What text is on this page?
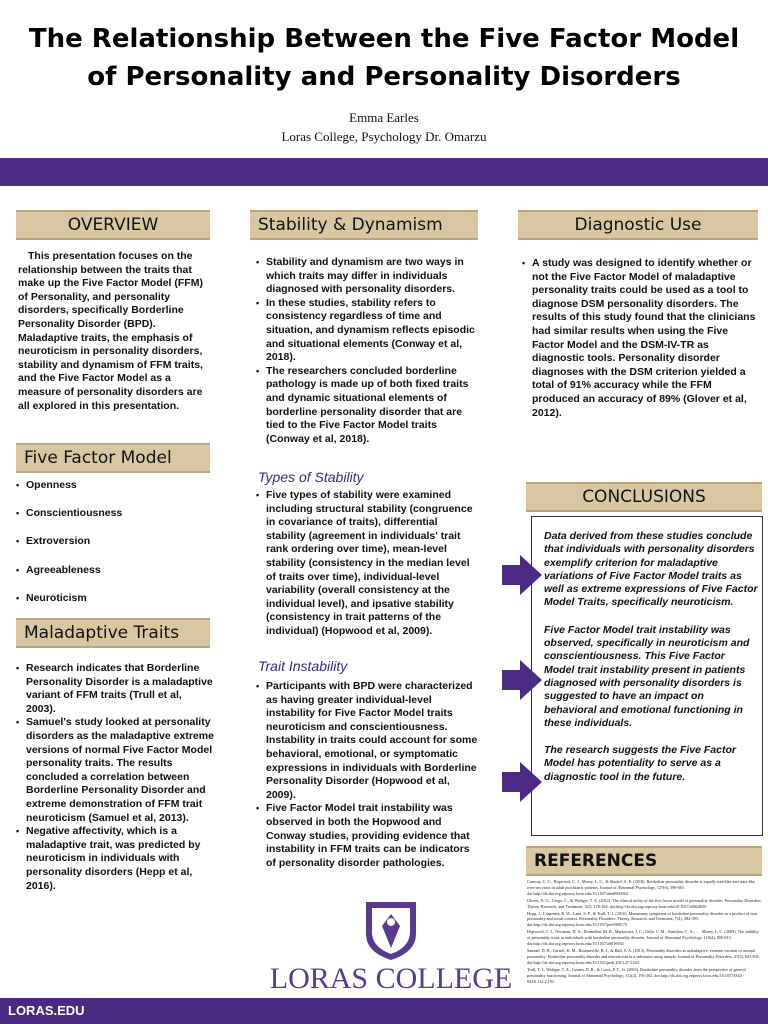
The Relationship Between the Five Factor Model of Personality and Personality Disorders
Emma Earles
Loras College, Psychology Dr. Omarzu
OVERVIEW
This presentation focuses on the relationship between the traits that make up the Five Factor Model (FFM) of Personality, and personality disorders, specifically Borderline Personality Disorder (BPD). Maladaptive traits, the emphasis of neuroticism in personality disorders, stability and dynamism of FFM traits, and the Five Factor Model as a measure of personality disorders are all explored in this presentation.
Five Factor Model
• Openness
• Conscientiousness
• Extroversion
• Agreeableness
• Neuroticism
Maladaptive Traits
• Research indicates that Borderline Personality Disorder is a maladaptive variant of FFM traits (Trull et al, 2003).
• Samuel's study looked at personality disorders as the maladaptive extreme versions of normal Five Factor Model personality traits. The results concluded a correlation between Borderline Personality Disorder and extreme demonstration of FFM trait neuroticism (Samuel et al, 2013).
• Negative affectivity, which is a maladaptive trait, was predicted by neuroticism in individuals with personality disorders (Hepp et al, 2016).
Stability & Dynamism
• Stability and dynamism are two ways in which traits may differ in individuals diagnosed with personality disorders.
• In these studies, stability refers to consistency regardless of time and situation, and dynamism reflects episodic and situational elements (Conway et al, 2018).
• The researchers concluded borderline pathology is made up of both fixed traits and dynamic situational elements of borderline personality disorder that are tied to the Five Factor Model traits (Conway et al, 2018).
Types of Stability
• Five types of stability were examined including structural stability (congruence in covariance of traits), differential stability (agreement in individuals' trait rank ordering over time), mean-level stability (consistency in the median level of traits over time), individual-level variability (overall consistency at the individual level), and ipsative stability (consistency in trait patterns of the individual) (Hopwood et al, 2009).
Trait Instability
• Participants with BPD were characterized as having greater individual-level instability for Five Factor Model traits neuroticism and conscientiousness. Instability in traits could account for some behavioral, emotional, or symptomatic expressions in individuals with Borderline Personality Disorder (Hopwood et al, 2009).
• Five Factor Model trait instability was observed in both the Hopwood and Conway studies, providing evidence that instability in FFM traits can be indicators of personality disorder pathologies.
LORAS COLLEGE
Diagnostic Use
• A study was designed to identify whether or not the Five Factor Model of maladaptive personality traits could be used as a tool to diagnose DSM personality disorders. The results of this study found that the clinicians had similar results when using the Five Factor Model and the DSM-IV-TR as diagnostic tools. Personality disorder diagnoses with the DSM criterion yielded a total of 91% accuracy while the FFM produced an accuracy of 89% (Glover et al, 2012).
CONCLUSIONS

Data derived from these studies conclude that individuals with personality disorders exemplify criterion for maladaptive variations of Five Factor Model traits as well as extreme expressions of Five Factor Model Traits, specifically neuroticism.

Five Factor Model trait instability was observed, specifically in neuroticism and conscientiousness. This Five Factor Model trait instability present in patients diagnosed with personality disorders is suggested to have an impact on behavioral and emotional functioning in these individuals.

The research suggests the Five Factor Model has potentiality to serve as a diagnostic tool in the future.

REFERENCES

Conway, C. C., Hopwood, C. J., Morey, L. C., & Skodol, A. E. (2018). Borderline personality disorder is equally trait-like and state-like over ten years in adult psychiatric patients. Journal of Abnormal Psychology, 127(6), 590-601. doi:http://dx.doi.org.ezproxy.loras.edu/10.1037/abn0000364

Glover, N. G., Crego, C., & Widiger, T. A. (2012). The clinical utility of the five factor model of personality disorder. Personality Disorders: Theory, Research, and Treatment, 3(2), 176-184. doi:http://dx.doi.org.ezproxy.loras.edu/10.1037/a0024030

Hepp, J., Carpenter, R. W., Lane, S. P., & Trull, T. J. (2016). Momentary symptoms of borderline personality disorder as a product of trait personality and social context. Personality Disorders: Theory, Research, and Treatment, 7(4), 384-393. doi:http://dx.doi.org.ezproxy.loras.edu/10.1037/per0000175

Hopwood, C. J., Newman, D. A., Donnellan, M. B., Markowitz, J. C., Grilo, C. M., Sanislow, C. A., . . . Morey, L. C. (2009). The stability of personality traits in individuals with borderline personality disorder. Journal of Abnormal Psychology, 118(4), 806-815. doi:http://dx.doi.org.ezproxy.loras.edu/10.1037/a0016954

Samuel, D. B., Carroll, K. M., Rounsaville, B. J., & Ball, S. A. (2013). Personality disorders as maladaptive, extreme variants of normal personality: Borderline personality disorder and neuroticism in a substance using sample. Journal of Personality Disorders, 27(5), 625-635. doi:http://dx.doi.org.ezproxy.loras.edu/10.1521/pedi.2013.27.5.625

Trull, T. J., Widiger, T. A., Lynam, D. R., & Costa, P. T., Jr. (2003). Borderline personality disorder from the perspective of general personality functioning. Journal of Abnormal Psychology, 112(2), 193-202. doi:http://dx.doi.org.ezproxy.loras.edu/10.1037/0021-843X.112.2.193

LORAS.EDU
